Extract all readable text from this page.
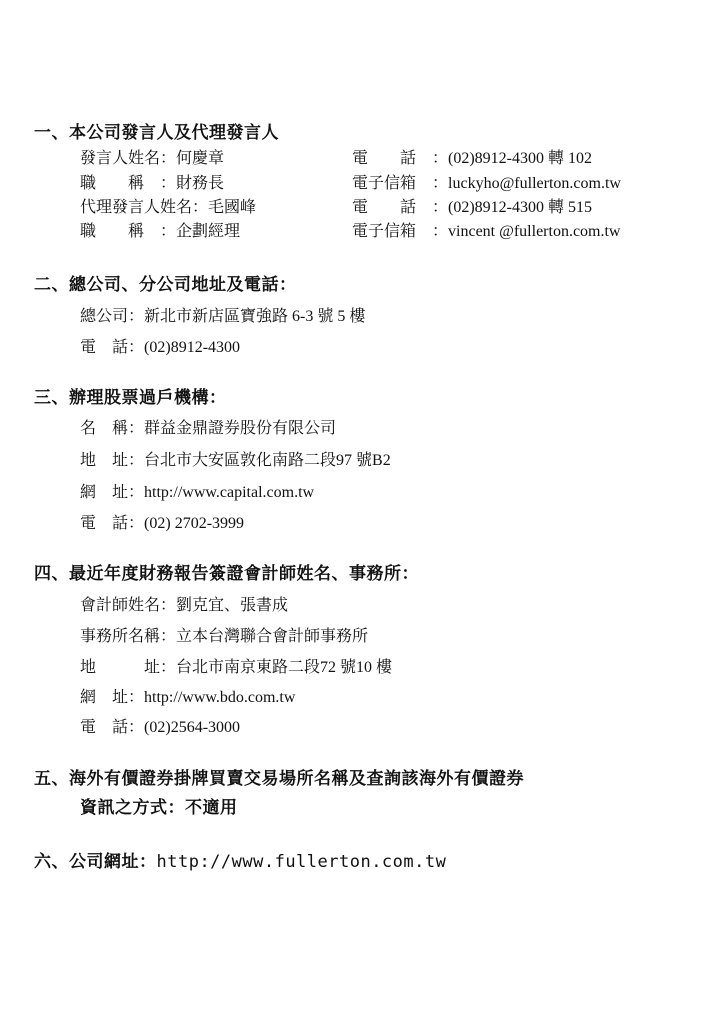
一、本公司發言人及代理發言人
發言人姓名：何慶章	電　　話 ：(02)8912-4300 轉 102
職　　稱 ：財務長	電子信箱 ：luckyho@fullerton.com.tw
代理發言人姓名：毛國峰	電　　話 ：(02)8912-4300 轉 515
職　　稱 ：企劃經理	電子信箱 ：vincent @fullerton.com.tw
二、總公司、分公司地址及電話：
總公司：新北市新店區寶強路 6-3 號 5 樓
電　話：(02)8912-4300
三、辦理股票過戶機構：
名　稱：群益金鼎證券股份有限公司
地　址：台北市大安區敦化南路二段97 號B2
網　址：http://www.capital.com.tw
電　話：(02) 2702-3999
四、最近年度財務報告簽證會計師姓名、事務所：
會計師姓名：劉克宜、張書成
事務所名稱：立本台灣聯合會計師事務所
地　　　址：台北市南京東路二段72 號10 樓
網　址：http://www.bdo.com.tw
電　話：(02)2564-3000
五、海外有價證券掛牌買賣交易場所名稱及查詢該海外有價證券
資訊之方式：不適用
六、公司網址：http://www.fullerton.com.tw
